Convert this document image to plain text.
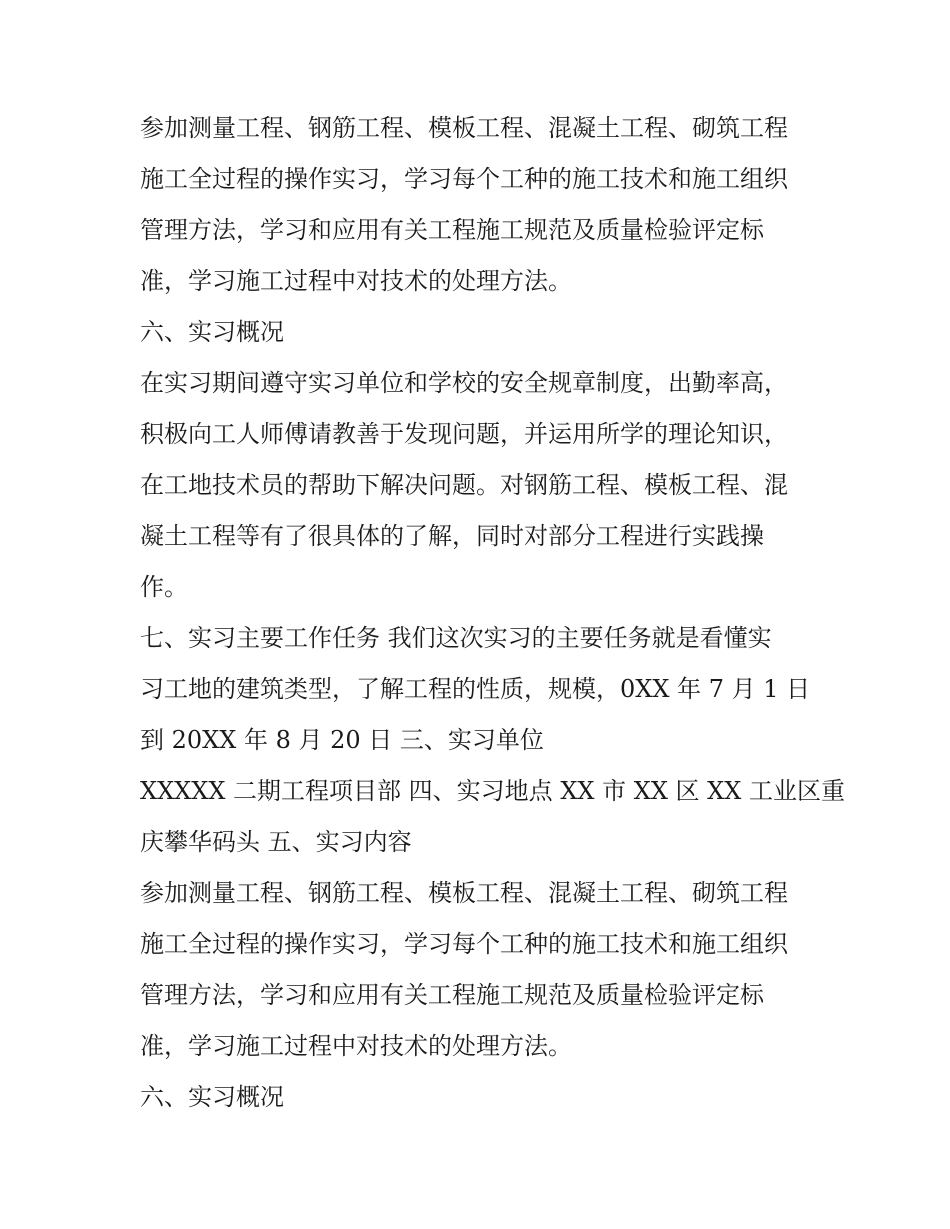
参加测量工程、钢筋工程、模板工程、混凝土工程、砌筑工程
施工全过程的操作实习，学习每个工种的施工技术和施工组织
管理方法，学习和应用有关工程施工规范及质量检验评定标
准，学习施工过程中对技术的处理方法。
六、实习概况
在实习期间遵守实习单位和学校的安全规章制度，出勤率高，
积极向工人师傅请教善于发现问题，并运用所学的理论知识，
在工地技术员的帮助下解决问题。对钢筋工程、模板工程、混
凝土工程等有了很具体的了解，同时对部分工程进行实践操
作。
七、实习主要工作任务 我们这次实习的主要任务就是看懂实
习工地的建筑类型，了解工程的性质，规模，0XX 年 7 月 1 日
到 20XX 年 8 月 20 日 三、实习单位
XXXXX 二期工程项目部 四、实习地点 XX 市 XX 区 XX 工业区重
庆攀华码头 五、实习内容
参加测量工程、钢筋工程、模板工程、混凝土工程、砌筑工程
施工全过程的操作实习，学习每个工种的施工技术和施工组织
管理方法，学习和应用有关工程施工规范及质量检验评定标
准，学习施工过程中对技术的处理方法。
六、实习概况
